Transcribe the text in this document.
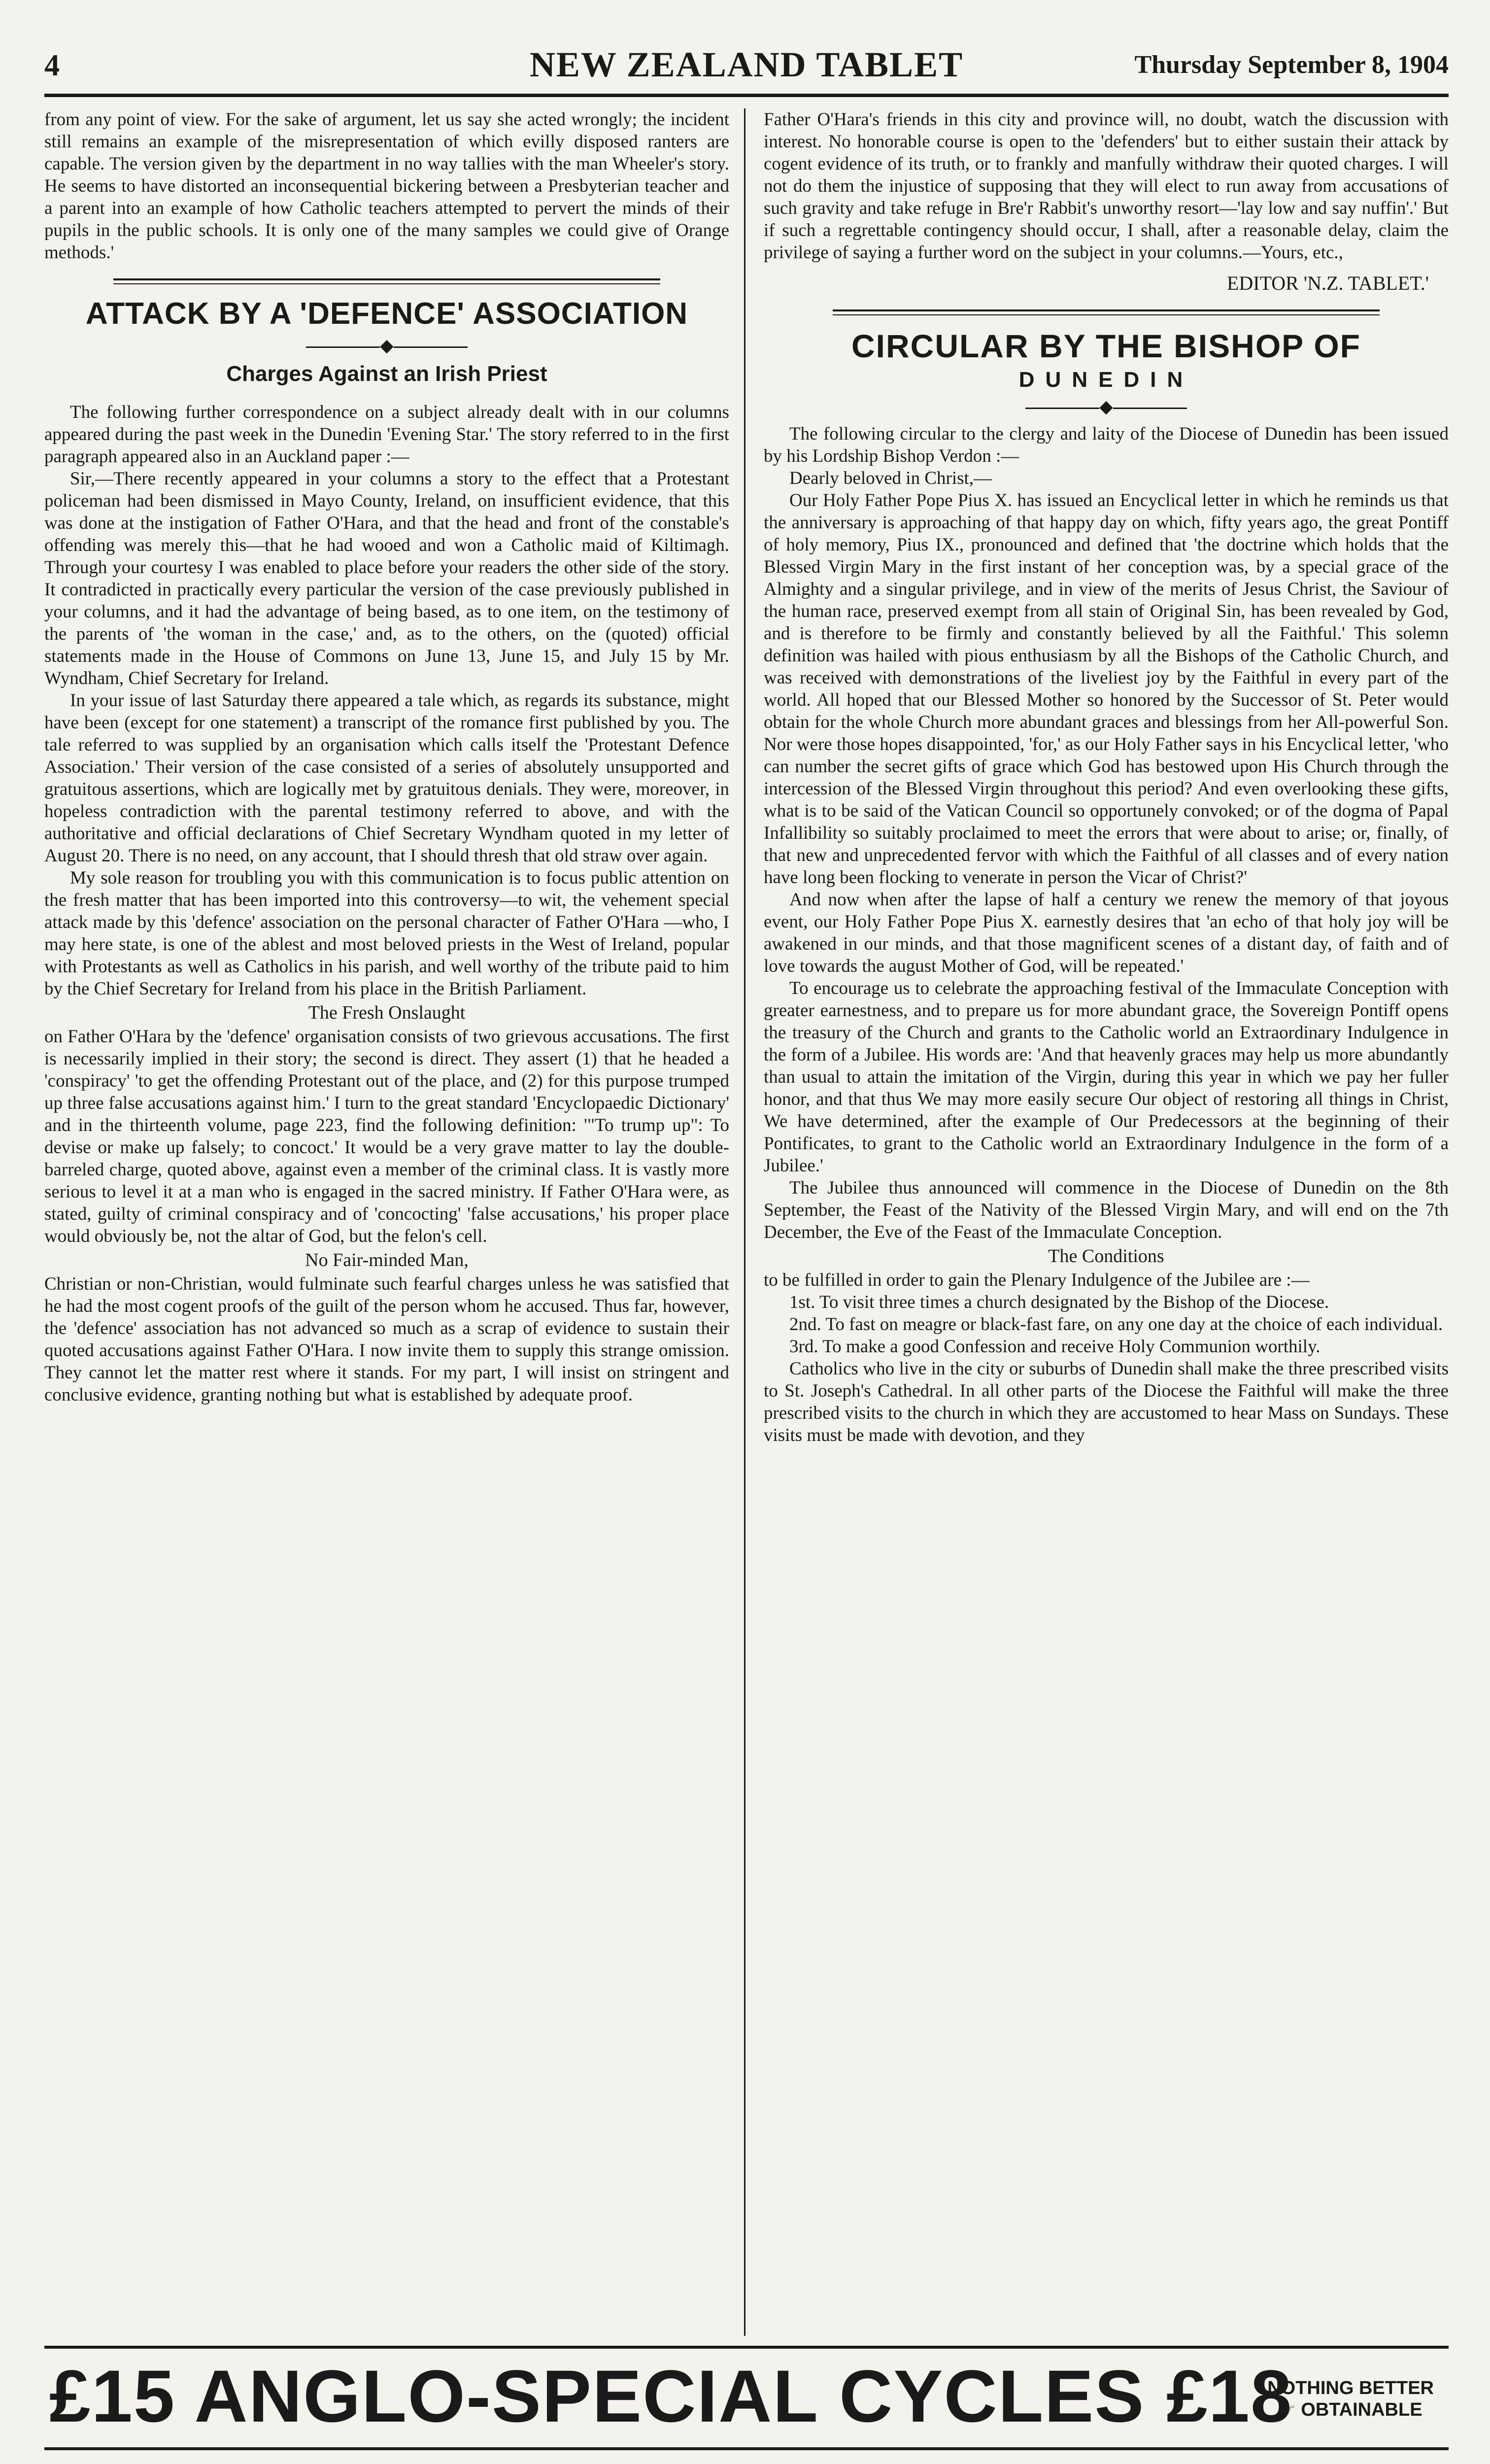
4	NEW ZEALAND TABLET	Thursday September 8, 1904

from any point of view. For the sake of argument, let us say she acted wrongly; the incident still remains an example of the misrepresentation of which evilly disposed ranters are capable. The version given by the department in no way tallies with the man Wheeler's story. He seems to have distorted an inconsequential bickering between a Presbyterian teacher and a parent into an example of how Catholic teachers attempted to pervert the minds of their pupils in the public schools. It is only one of the many samples we could give of Orange methods.'

ATTACK BY A 'DEFENCE' ASSOCIATION
◆
Charges Against an Irish Priest

The following further correspondence on a subject already dealt with in our columns appeared during the past week in the Dunedin 'Evening Star.' The story referred to in the first paragraph appeared also in an Auckland paper :—

Sir,—There recently appeared in your columns a story to the effect that a Protestant policeman had been dismissed in Mayo County, Ireland, on insufficient evidence, that this was done at the instigation of Father O'Hara, and that the head and front of the constable's offending was merely this—that he had wooed and won a Catholic maid of Kiltimagh. Through your courtesy I was enabled to place before your readers the other side of the story. It contradicted in practically every particular the version of the case previously published in your columns, and it had the advantage of being based, as to one item, on the testimony of the parents of 'the woman in the case,' and, as to the others, on the (quoted) official statements made in the House of Commons on June 13, June 15, and July 15 by Mr. Wyndham, Chief Secretary for Ireland.

In your issue of last Saturday there appeared a tale which, as regards its substance, might have been (except for one statement) a transcript of the romance first published by you. The tale referred to was supplied by an organisation which calls itself the 'Protestant Defence Association.' Their version of the case consisted of a series of absolutely unsupported and gratuitous assertions, which are logically met by gratuitous denials. They were, moreover, in hopeless contradiction with the parental testimony referred to above, and with the authoritative and official declarations of Chief Secretary Wyndham quoted in my letter of August 20. There is no need, on any account, that I should thresh that old straw over again.

My sole reason for troubling you with this communication is to focus public attention on the fresh matter that has been imported into this controversy—to wit, the vehement special attack made by this 'defence' association on the personal character of Father O'Hara —who, I may here state, is one of the ablest and most beloved priests in the West of Ireland, popular with Protestants as well as Catholics in his parish, and well worthy of the tribute paid to him by the Chief Secretary for Ireland from his place in the British Parliament.

The Fresh Onslaught

on Father O'Hara by the 'defence' organisation consists of two grievous accusations. The first is necessarily implied in their story; the second is direct. They assert (1) that he headed a 'conspiracy' 'to get the offending Protestant out of the place, and (2) for this purpose trumped up three false accusations against him.' I turn to the great standard 'Encyclopaedic Dictionary' and in the thirteenth volume, page 223, find the following definition: '"To trump up": To devise or make up falsely; to concoct.' It would be a very grave matter to lay the double-barreled charge, quoted above, against even a member of the criminal class. It is vastly more serious to level it at a man who is engaged in the sacred ministry. If Father O'Hara were, as stated, guilty of criminal conspiracy and of 'concocting' 'false accusations,' his proper place would obviously be, not the altar of God, but the felon's cell.

No Fair-minded Man,

Christian or non-Christian, would fulminate such fearful charges unless he was satisfied that he had the most cogent proofs of the guilt of the person whom he accused. Thus far, however, the 'defence' association has not advanced so much as a scrap of evidence to sustain their quoted accusations against Father O'Hara. I now invite them to supply this strange omission. They cannot let the matter rest where it stands. For my part, I will insist on stringent and conclusive evidence, granting nothing but what is established by adequate proof.

Father O'Hara's friends in this city and province will, no doubt, watch the discussion with interest. No honorable course is open to the 'defenders' but to either sustain their attack by cogent evidence of its truth, or to frankly and manfully withdraw their quoted charges. I will not do them the injustice of supposing that they will elect to run away from accusations of such gravity and take refuge in Bre'r Rabbit's unworthy resort—'lay low and say nuffin'.' But if such a regrettable contingency should occur, I shall, after a reasonable delay, claim the privilege of saying a further word on the subject in your columns.—Yours, etc.,

EDITOR 'N.Z. TABLET.'
CIRCULAR BY THE BISHOP OF
DUNEDIN
◆

The following circular to the clergy and laity of the Diocese of Dunedin has been issued by his Lordship Bishop Verdon :—

Dearly beloved in Christ,—

Our Holy Father Pope Pius X. has issued an Encyclical letter in which he reminds us that the anniversary is approaching of that happy day on which, fifty years ago, the great Pontiff of holy memory, Pius IX., pronounced and defined that 'the doctrine which holds that the Blessed Virgin Mary in the first instant of her conception was, by a special grace of the Almighty and a singular privilege, and in view of the merits of Jesus Christ, the Saviour of the human race, preserved exempt from all stain of Original Sin, has been revealed by God, and is therefore to be firmly and constantly believed by all the Faithful.' This solemn definition was hailed with pious enthusiasm by all the Bishops of the Catholic Church, and was received with demonstrations of the liveliest joy by the Faithful in every part of the world. All hoped that our Blessed Mother so honored by the Successor of St. Peter would obtain for the whole Church more abundant graces and blessings from her All-powerful Son. Nor were those hopes disappointed, 'for,' as our Holy Father says in his Encyclical letter, 'who can number the secret gifts of grace which God has bestowed upon His Church through the intercession of the Blessed Virgin throughout this period? And even overlooking these gifts, what is to be said of the Vatican Council so opportunely convoked; or of the dogma of Papal Infallibility so suitably proclaimed to meet the errors that were about to arise; or, finally, of that new and unprecedented fervor with which the Faithful of all classes and of every nation have long been flocking to venerate in person the Vicar of Christ?'

And now when after the lapse of half a century we renew the memory of that joyous event, our Holy Father Pope Pius X. earnestly desires that 'an echo of that holy joy will be awakened in our minds, and that those magnificent scenes of a distant day, of faith and of love towards the august Mother of God, will be repeated.'

To encourage us to celebrate the approaching festival of the Immaculate Conception with greater earnestness, and to prepare us for more abundant grace, the Sovereign Pontiff opens the treasury of the Church and grants to the Catholic world an Extraordinary Indulgence in the form of a Jubilee. His words are: 'And that heavenly graces may help us more abundantly than usual to attain the imitation of the Virgin, during this year in which we pay her fuller honor, and that thus We may more easily secure Our object of restoring all things in Christ, We have determined, after the example of Our Predecessors at the beginning of their Pontificates, to grant to the Catholic world an Extraordinary Indulgence in the form of a Jubilee.'

The Jubilee thus announced will commence in the Diocese of Dunedin on the 8th September, the Feast of the Nativity of the Blessed Virgin Mary, and will end on the 7th December, the Eve of the Feast of the Immaculate Conception.

The Conditions

to be fulfilled in order to gain the Plenary Indulgence of the Jubilee are :—

1st. To visit three times a church designated by the Bishop of the Diocese.

2nd. To fast on meagre or black-fast fare, on any one day at the choice of each individual.

3rd. To make a good Confession and receive Holy Communion worthily.

Catholics who live in the city or suburbs of Dunedin shall make the three prescribed visits to St. Joseph's Cathedral. In all other parts of the Diocese the Faithful will make the three prescribed visits to the church in which they are accustomed to hear Mass on Sundays. These visits must be made with devotion, and they

£15 ANGLO-SPECIAL CYCLES £18
NOTHING BETTER
☞ OBTAINABLE
